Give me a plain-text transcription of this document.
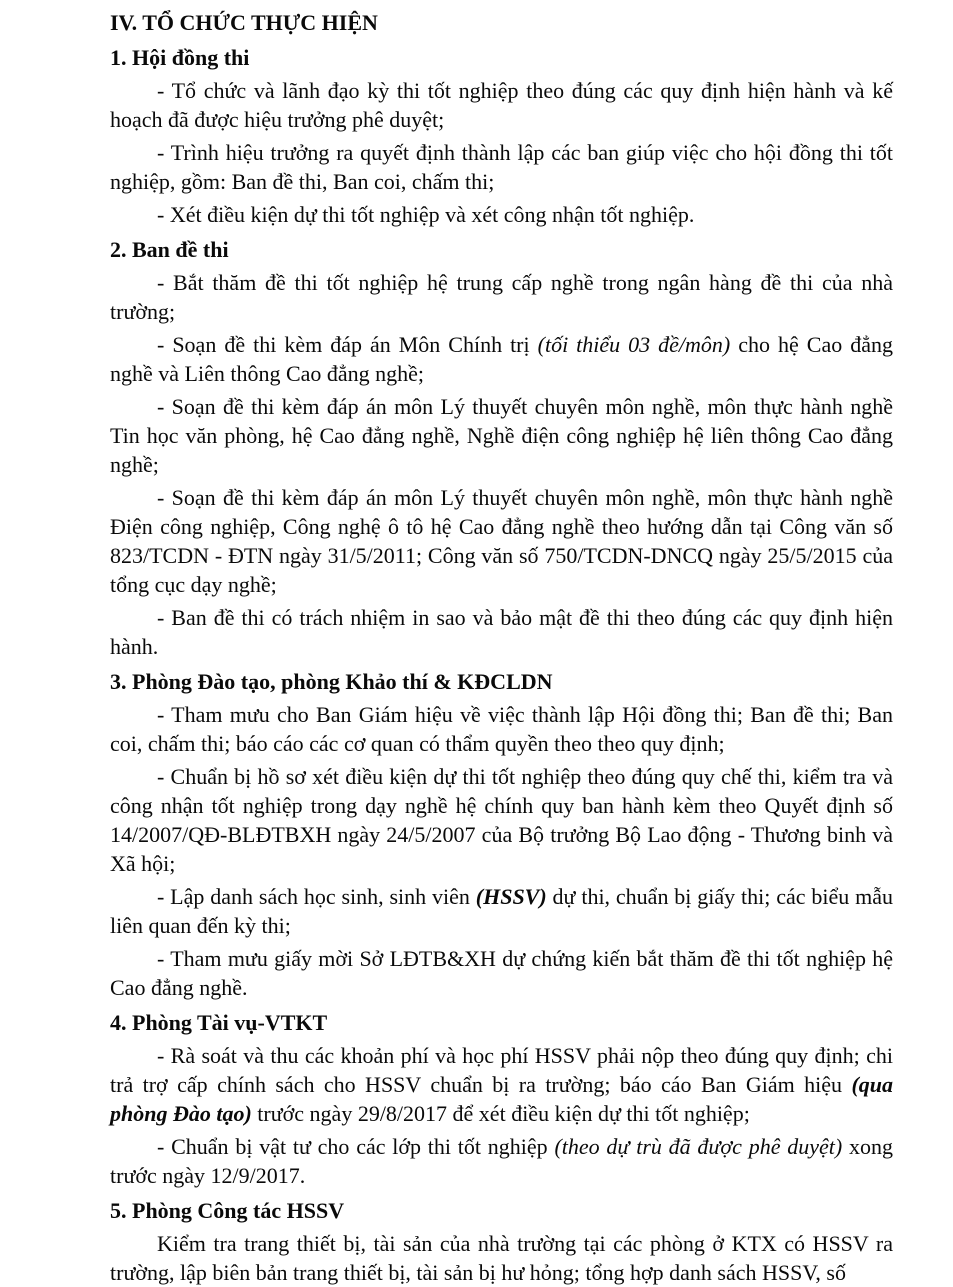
IV. TỔ CHỨC THỰC HIỆN
1. Hội đồng thi

- Tổ chức và lãnh đạo kỳ thi tốt nghiệp theo đúng các quy định hiện hành và kế hoạch đã được hiệu trưởng phê duyệt;

- Trình hiệu trưởng ra quyết định thành lập các ban giúp việc cho hội đồng thi tốt nghiệp, gồm: Ban đề thi, Ban coi, chấm thi;

- Xét điều kiện dự thi tốt nghiệp và xét công nhận tốt nghiệp.

2. Ban đề thi

- Bắt thăm đề thi tốt nghiệp hệ trung cấp nghề trong ngân hàng đề thi của nhà trường;

- Soạn đề thi kèm đáp án Môn Chính trị (tối thiểu 03 đề/môn) cho hệ Cao đẳng nghề và Liên thông Cao đẳng nghề;

- Soạn đề thi kèm đáp án môn Lý thuyết chuyên môn nghề, môn thực hành nghề Tin học văn phòng, hệ Cao đẳng nghề, Nghề điện công nghiệp hệ liên thông Cao đẳng nghề;

- Soạn đề thi kèm đáp án môn Lý thuyết chuyên môn nghề, môn thực hành nghề Điện công nghiệp, Công nghệ ô tô hệ Cao đẳng nghề theo hướng dẫn tại Công văn số 823/TCDN - ĐTN ngày 31/5/2011; Công văn số 750/TCDN-DNCQ ngày 25/5/2015 của tổng cục dạy nghề;

- Ban đề thi có trách nhiệm in sao và bảo mật đề thi theo đúng các quy định hiện hành.

3. Phòng Đào tạo, phòng Khảo thí & KĐCLDN

- Tham mưu cho Ban Giám hiệu về việc thành lập Hội đồng thi; Ban đề thi; Ban coi, chấm thi; báo cáo các cơ quan có thẩm quyền theo theo quy định;

- Chuẩn bị hồ sơ xét điều kiện dự thi tốt nghiệp theo đúng quy chế thi, kiểm tra và công nhận tốt nghiệp trong dạy nghề hệ chính quy ban hành kèm theo Quyết định số 14/2007/QĐ-BLĐTBXH ngày 24/5/2007 của Bộ trưởng Bộ Lao động - Thương binh và Xã hội;

- Lập danh sách học sinh, sinh viên (HSSV) dự thi, chuẩn bị giấy thi; các biểu mẫu liên quan đến kỳ thi;

- Tham mưu giấy mời Sở LĐTB&XH dự chứng kiến bắt thăm đề thi tốt nghiệp hệ Cao đẳng nghề.

4. Phòng Tài vụ-VTKT

- Rà soát và thu các khoản phí và học phí HSSV phải nộp theo đúng quy định; chi trả trợ cấp chính sách cho HSSV chuẩn bị ra trường; báo cáo Ban Giám hiệu (qua phòng Đào tạo) trước ngày 29/8/2017 để xét điều kiện dự thi tốt nghiệp;

- Chuẩn bị vật tư cho các lớp thi tốt nghiệp (theo dự trù đã được phê duyệt) xong trước ngày 12/9/2017.

5. Phòng Công tác HSSV

Kiểm tra trang thiết bị, tài sản của nhà trường tại các phòng ở KTX có HSSV ra trường, lập biên bản trang thiết bị, tài sản bị hư hỏng; tổng hợp danh sách HSSV, số
